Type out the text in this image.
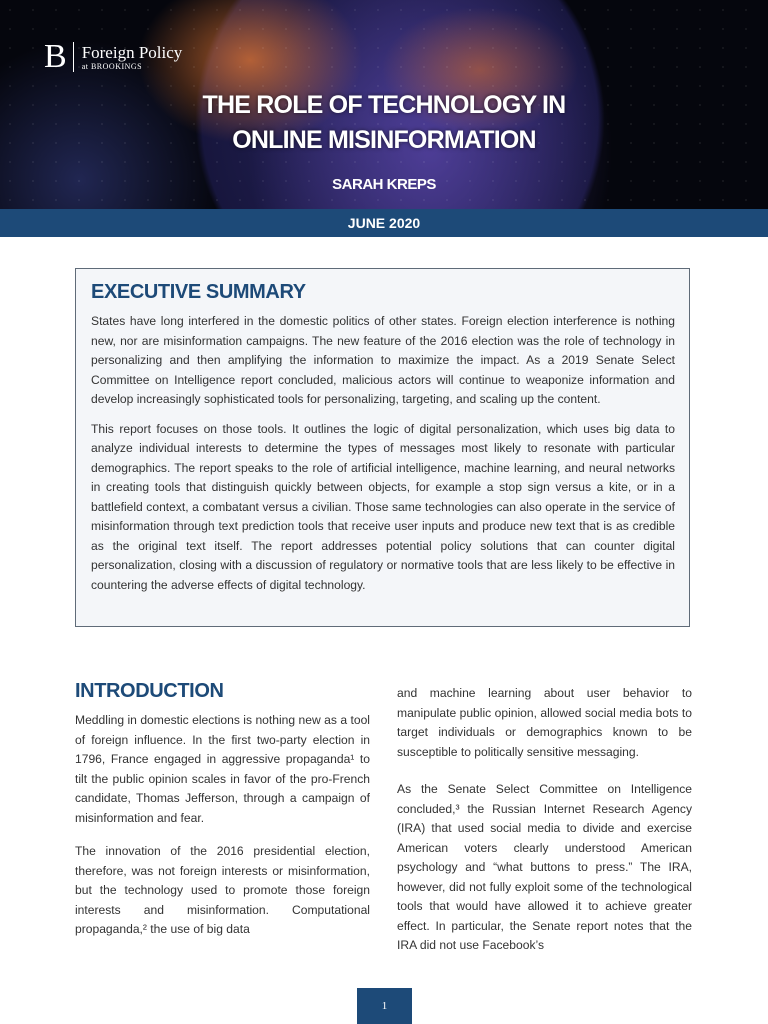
B Foreign Policy
at BROOKINGS
THE ROLE OF TECHNOLOGY IN
ONLINE MISINFORMATION
SARAH KREPS
JUNE 2020
EXECUTIVE SUMMARY

States have long interfered in the domestic politics of other states. Foreign election interference is nothing new, nor are misinformation campaigns. The new feature of the 2016 election was the role of technology in personalizing and then amplifying the information to maximize the impact. As a 2019 Senate Select Committee on Intelligence report concluded, malicious actors will continue to weaponize information and develop increasingly sophisticated tools for personalizing, targeting, and scaling up the content.

This report focuses on those tools. It outlines the logic of digital personalization, which uses big data to analyze individual interests to determine the types of messages most likely to resonate with particular demographics. The report speaks to the role of artificial intelligence, machine learning, and neural networks in creating tools that distinguish quickly between objects, for example a stop sign versus a kite, or in a battlefield context, a combatant versus a civilian. Those same technologies can also operate in the service of misinformation through text prediction tools that receive user inputs and produce new text that is as credible as the original text itself. The report addresses potential policy solutions that can counter digital personalization, closing with a discussion of regulatory or normative tools that are less likely to be effective in countering the adverse effects of digital technology.

INTRODUCTION

Meddling in domestic elections is nothing new as a tool of foreign influence. In the first two-party election in 1796, France engaged in aggressive propaganda¹ to tilt the public opinion scales in favor of the pro-French candidate, Thomas Jefferson, through a campaign of misinformation and fear.

The innovation of the 2016 presidential election, therefore, was not foreign interests or misinformation, but the technology used to promote those foreign interests and misinformation. Computational propaganda,² the use of big data

and machine learning about user behavior to manipulate public opinion, allowed social media bots to target individuals or demographics known to be susceptible to politically sensitive messaging.

As the Senate Select Committee on Intelligence concluded,³ the Russian Internet Research Agency (IRA) that used social media to divide and exercise American voters clearly understood American psychology and “what buttons to press.” The IRA, however, did not fully exploit some of the technological tools that would have allowed it to achieve greater effect. In particular, the Senate report notes that the IRA did not use Facebook’s

1
